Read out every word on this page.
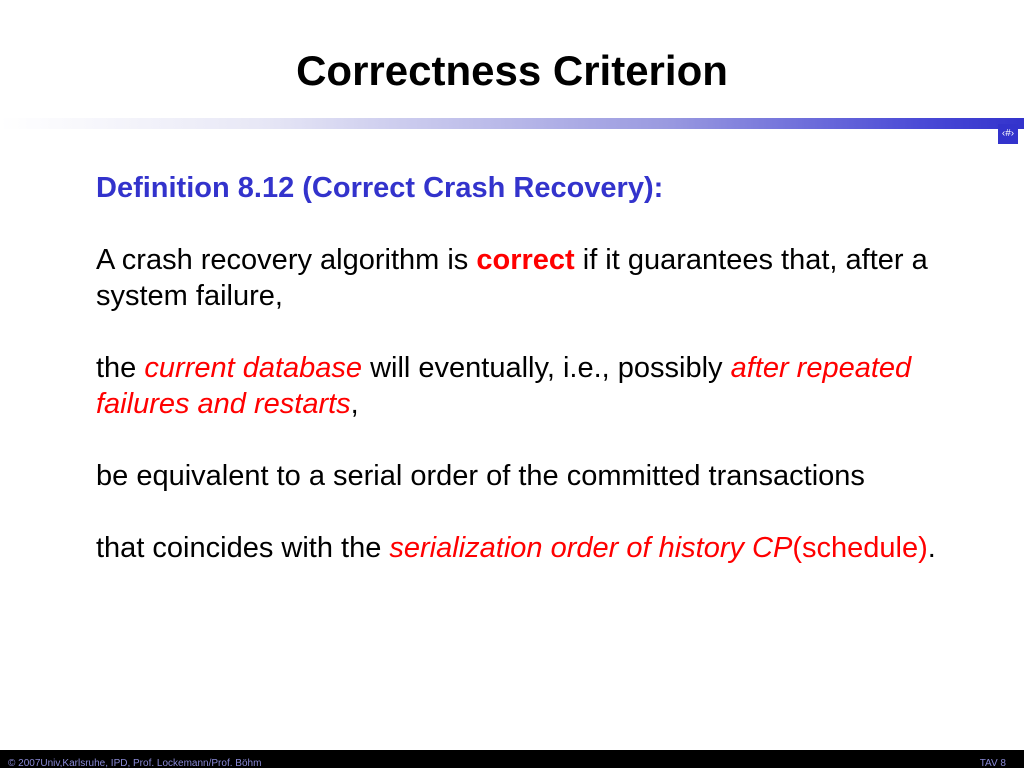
Correctness Criterion
‹#›

Definition 8.12 (Correct Crash Recovery):

A crash recovery algorithm is correct if it guarantees that, after a system failure,

the current database will eventually, i.e., possibly after repeated failures and restarts,

be equivalent to a serial order of the committed transactions

that coincides with the serialization order of history CP(schedule).

© 2007Univ,Karlsruhe, IPD, Prof. Lockemann/Prof. Böhm	TAV 8
